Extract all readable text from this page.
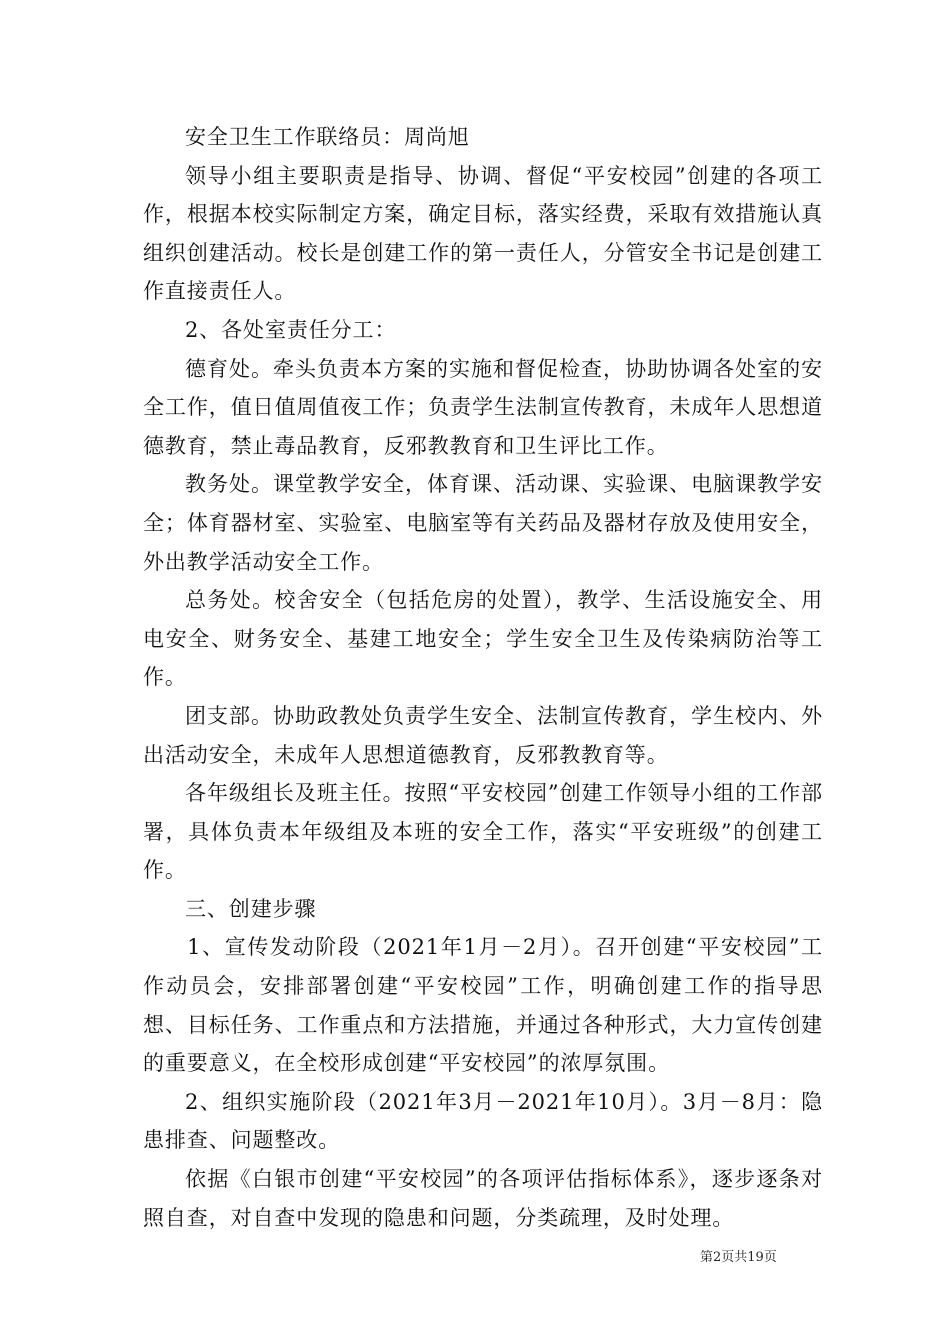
安全卫生工作联络员：周尚旭

领导小组主要职责是指导、协调、督促“平安校园”创建的各项工作，根据本校实际制定方案，确定目标，落实经费，采取有效措施认真组织创建活动。校长是创建工作的第一责任人，分管安全书记是创建工作直接责任人。

2、各处室责任分工：

德育处。牵头负责本方案的实施和督促检查，协助协调各处室的安全工作，值日值周值夜工作；负责学生法制宣传教育，未成年人思想道德教育，禁止毒品教育，反邪教教育和卫生评比工作。

教务处。课堂教学安全，体育课、活动课、实验课、电脑课教学安全；体育器材室、实验室、电脑室等有关药品及器材存放及使用安全，外出教学活动安全工作。

总务处。校舍安全（包括危房的处置），教学、生活设施安全、用电安全、财务安全、基建工地安全；学生安全卫生及传染病防治等工作。

团支部。协助政教处负责学生安全、法制宣传教育，学生校内、外出活动安全，未成年人思想道德教育，反邪教教育等。

各年级组长及班主任。按照“平安校园”创建工作领导小组的工作部署，具体负责本年级组及本班的安全工作，落实“平安班级”的创建工作。

三、创建步骤

1、宣传发动阶段（2021年1月－2月）。召开创建“平安校园”工作动员会，安排部署创建“平安校园”工作，明确创建工作的指导思想、目标任务、工作重点和方法措施，并通过各种形式，大力宣传创建的重要意义，在全校形成创建“平安校园”的浓厚氛围。

2、组织实施阶段（2021年3月－2021年10月）。3月－8月：隐患排查、问题整改。

依据《白银市创建“平安校园”的各项评估指标体系》，逐步逐条对照自查，对自查中发现的隐患和问题，分类疏理，及时处理。

第2页共19页
